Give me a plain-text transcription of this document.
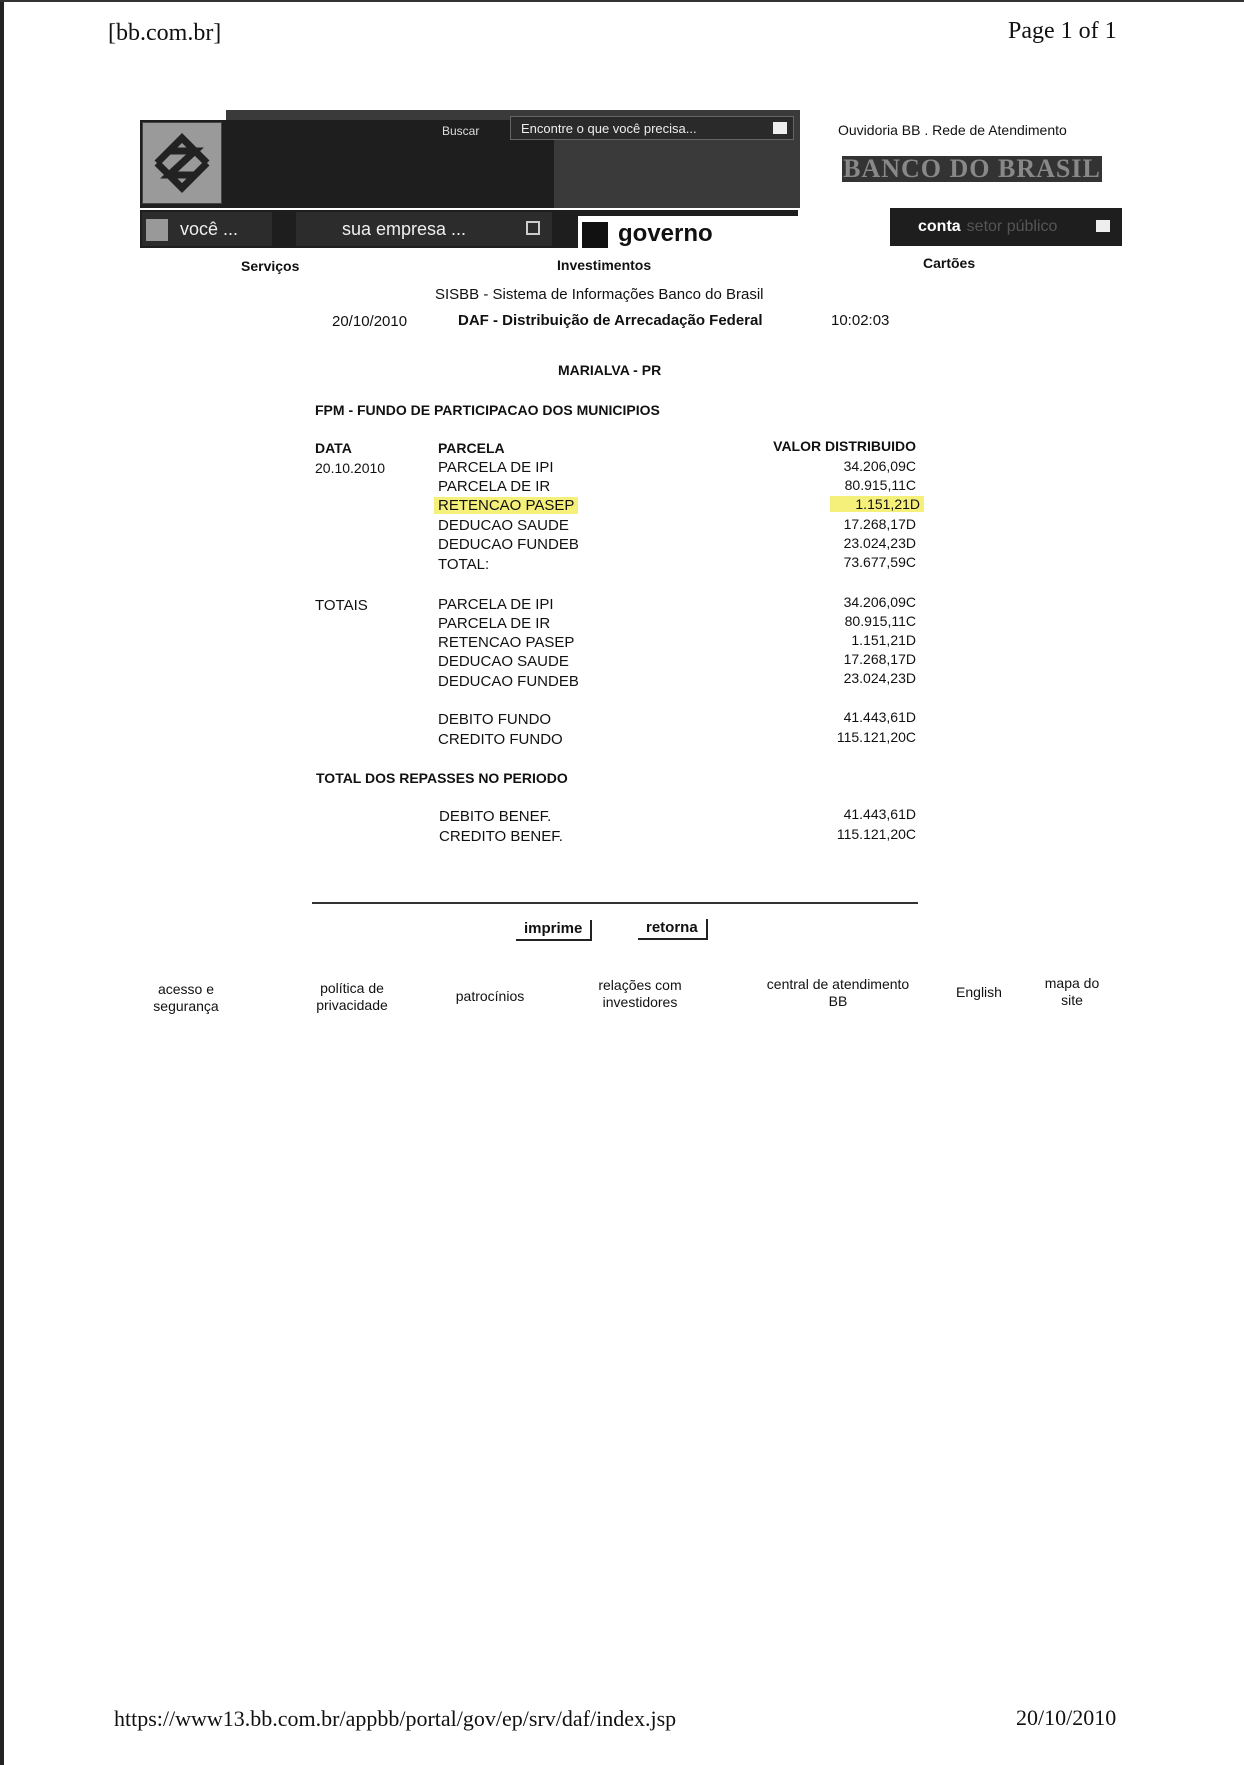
[bb.com.br]	Page 1 of 1
Buscar	Encontre o que você precisa...	Ouvidoria BB . Rede de Atendimento
BANCO DO BRASIL
você ...	sua empresa ...	governo	conta setor público
Serviços	Investimentos	Cartões
SISBB - Sistema de Informações Banco do Brasil
20/10/2010	DAF - Distribuição de Arrecadação Federal	10:02:03
MARIALVA - PR
FPM - FUNDO DE PARTICIPACAO DOS MUNICIPIOS
DATA	PARCELA	VALOR DISTRIBUIDO
20.10.2010	PARCELA DE IPI	34.206,09C
PARCELA DE IR	80.915,11C
RETENCAO PASEP	1.151,21D
DEDUCAO SAUDE	17.268,17D
DEDUCAO FUNDEB	23.024,23D
TOTAL:	73.677,59C
TOTAIS	PARCELA DE IPI	34.206,09C
PARCELA DE IR	80.915,11C
RETENCAO PASEP	1.151,21D
DEDUCAO SAUDE	17.268,17D
DEDUCAO FUNDEB	23.024,23D
DEBITO FUNDO	41.443,61D
CREDITO FUNDO	115.121,20C
TOTAL DOS REPASSES NO PERIODO
DEBITO BENEF.	41.443,61D
CREDITO BENEF.	115.121,20C
imprime	retorna
acesso e
segurança
política de
privacidade
patrocínios
relações com
investidores
central de atendimento
BB
English
mapa do
site
https://www13.bb.com.br/appbb/portal/gov/ep/srv/daf/index.jsp	20/10/2010
